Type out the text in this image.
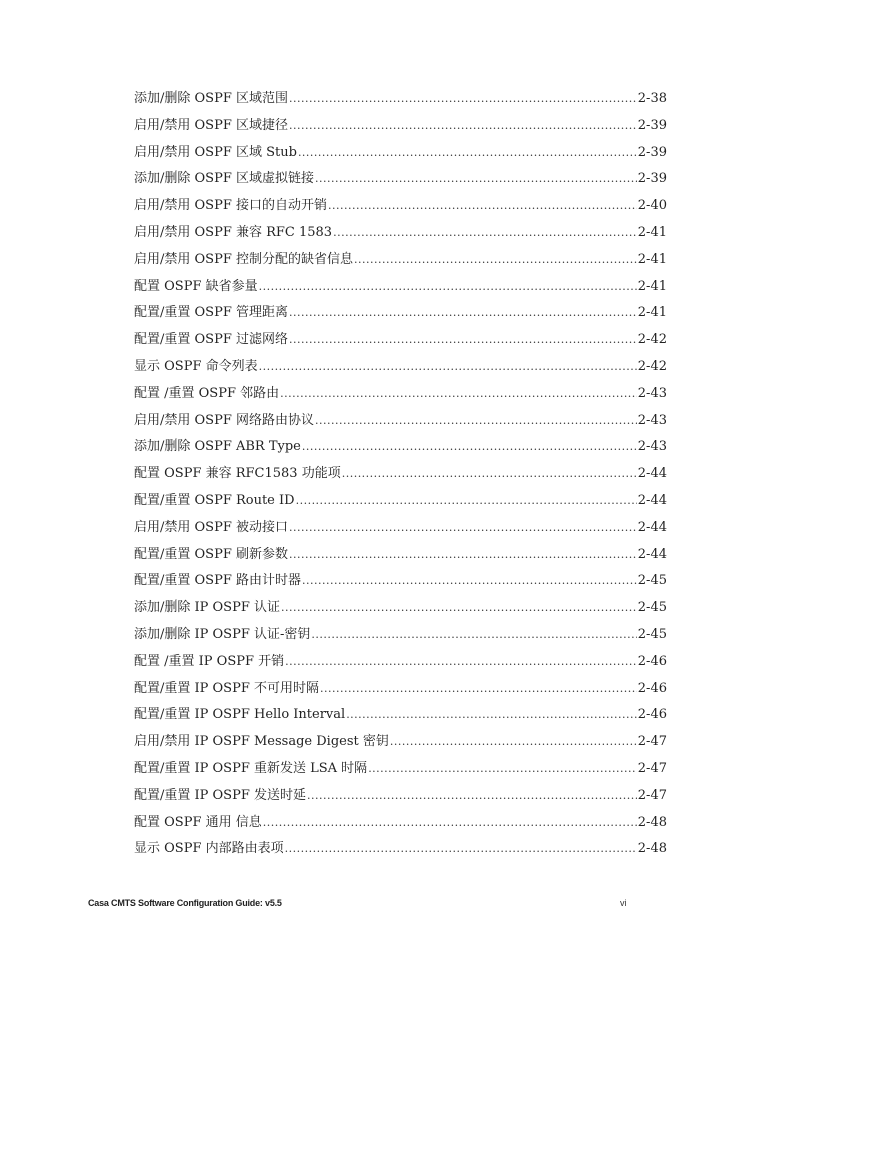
添加/删除 OSPF 区域范围 .....	2-38
启用/禁用 OSPF 区域捷径 .....	2-39
启用/禁用 OSPF 区域 Stub .....	2-39
添加/删除 OSPF 区域虚拟链接 .....	2-39
启用/禁用 OSPF 接口的自动开销 .....	2-40
启用/禁用 OSPF 兼容 RFC 1583 .....	2-41
启用/禁用 OSPF 控制分配的缺省信息 .....	2-41
配置 OSPF 缺省参量 .....	2-41
配置/重置 OSPF 管理距离 .....	2-41
配置/重置 OSPF 过滤网络 .....	2-42
显示 OSPF 命令列表 .....	2-42
配置 /重置 OSPF 邻路由 .....	2-43
启用/禁用 OSPF 网络路由协议 .....	2-43
添加/删除 OSPF ABR Type .....	2-43
配置 OSPF 兼容 RFC1583 功能项 .....	2-44
配置/重置 OSPF Route ID .....	2-44
启用/禁用 OSPF 被动接口 .....	2-44
配置/重置 OSPF 刷新参数 .....	2-44
配置/重置 OSPF 路由计时器 .....	2-45
添加/删除 IP OSPF 认证 .....	2-45
添加/删除 IP OSPF 认证-密钥 .....	2-45
配置 /重置 IP OSPF 开销 .....	2-46
配置/重置 IP OSPF 不可用时隔 .....	2-46
配置/重置 IP OSPF Hello Interval .....	2-46
启用/禁用 IP OSPF Message Digest 密钥 .....	2-47
配置/重置 IP OSPF 重新发送 LSA 时隔 .....	2-47
配置/重置 IP OSPF 发送时延 .....	2-47
配置 OSPF 通用 信息 .....	2-48
显示 OSPF 内部路由表项 .....	2-48
Casa CMTS Software Configuration Guide: v5.5	vi
